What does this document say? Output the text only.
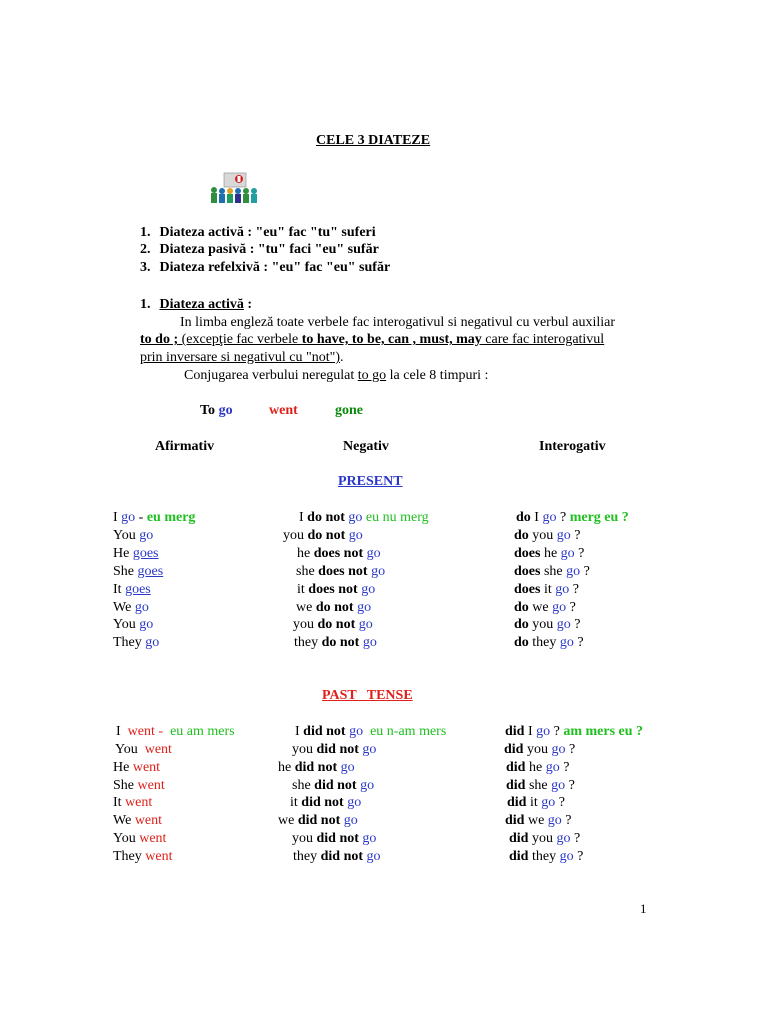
CELE 3 DIATEZE
1. Diateza activă : "eu" fac "tu" suferi
2. Diateza pasivă : "tu" faci "eu" sufăr
3. Diateza refelxivă : "eu" fac "eu" sufăr
1. Diateza activă :
In limba engleză toate verbele fac interogativul si negativul cu verbul auxiliar
to do ; (excepţie fac verbele to have, to be, can , must, may care fac interogativul
prin inversare si negativul cu "not").
Conjugarea verbului neregulat to go la cele 8 timpuri :
To go	went	gone
Afirmativ	Negativ	Interogativ
PRESENT
I go - eu merg	I do not go eu nu merg	do I go ? merg eu ?
You go	you do not go	do you go ?
He goes	he does not go	does he go ?
She goes	she does not go	does she go ?
It goes	it does not go	does it go ?
We go	we do not go	do we go ?
You go	you do not go	do you go ?
They go	they do not go	do they go ?
PAST   TENSE
I  went -  eu am mers	I did not go eu n-am mers	did I go ? am mers eu ?
You  went	you did not go	did you go ?
He went	he did not go	did he go ?
She went	she did not go	did she go ?
It went	it did not go	did it go ?
We went	we did not go	did we go ?
You went	you did not go	did you go ?
They went	they did not go	did they go ?
1
